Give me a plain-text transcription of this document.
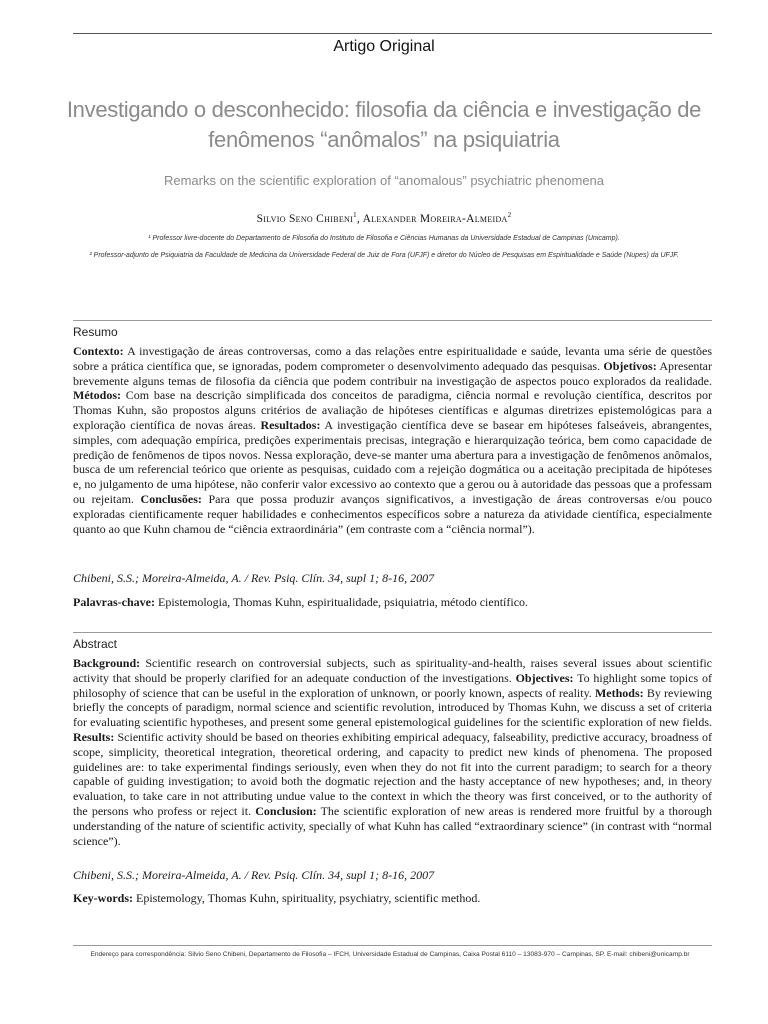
Artigo Original
Investigando o desconhecido: filosofia da ciência e investigação de
fenômenos “anômalos” na psiquiatria
Remarks on the scientific exploration of “anomalous” psychiatric phenomena
Silvio Seno Chibeni$^1$, Alexander Moreira-Almeida$^2$
¹ Professor livre-docente do Departamento de Filosofia do Instituto de Filosofia e Ciências Humanas da Universidade Estadual de Campinas (Unicamp).
² Professor-adjunto de Psiquiatria da Faculdade de Medicina da Universidade Federal de Juiz de Fora (UFJF) e diretor do Núcleo de Pesquisas em Espiritualidade e Saúde (Nupes) da UFJF.
Resumo

Contexto: A investigação de áreas controversas, como a das relações entre espiritualidade e saúde, levanta uma série de questões sobre a prática científica que, se ignoradas, podem comprometer o desenvolvimento adequado das pesquisas. Objetivos: Apresentar brevemente alguns temas de filosofia da ciência que podem contribuir na investigação de aspectos pouco explorados da realidade. Métodos: Com base na descrição simplificada dos conceitos de paradigma, ciência normal e revolução científica, descritos por Thomas Kuhn, são propostos alguns critérios de avaliação de hipóteses científicas e algumas diretrizes epistemológicas para a exploração científica de novas áreas. Resultados: A investigação científica deve se basear em hipóteses falseáveis, abrangentes, simples, com adequação empírica, predições experimentais precisas, integração e hierarquização teórica, bem como capacidade de predição de fenômenos de tipos novos. Nessa exploração, deve-se manter uma abertura para a investigação de fenômenos anômalos, busca de um referencial teórico que oriente as pesquisas, cuidado com a rejeição dogmática ou a aceitação precipitada de hipóteses e, no julgamento de uma hipótese, não conferir valor excessivo ao contexto que a gerou ou à autoridade das pessoas que a professam ou rejeitam. Conclusões: Para que possa produzir avanços significativos, a investigação de áreas controversas e/ou pouco exploradas cientificamente requer habilidades e conhecimentos específicos sobre a natureza da atividade científica, especialmente quanto ao que Kuhn chamou de “ciência extraordinária” (em contraste com a “ciência normal”).

Chibeni, S.S.; Moreira-Almeida, A. / Rev. Psiq. Clín. 34, supl 1; 8-16, 2007
Palavras-chave: Epistemologia, Thomas Kuhn, espiritualidade, psiquiatria, método científico.
Abstract

Background: Scientific research on controversial subjects, such as spirituality-and-health, raises several issues about scientific activity that should be properly clarified for an adequate conduction of the investigations. Objectives: To highlight some topics of philosophy of science that can be useful in the exploration of unknown, or poorly known, aspects of reality. Methods: By reviewing briefly the concepts of paradigm, normal science and scientific revolution, introduced by Thomas Kuhn, we discuss a set of criteria for evaluating scientific hypotheses, and present some general epistemological guidelines for the scientific exploration of new fields. Results: Scientific activity should be based on theories exhibiting empirical adequacy, falseability, predictive accuracy, broadness of scope, simplicity, theoretical integration, theoretical ordering, and capacity to predict new kinds of phenomena. The proposed guidelines are: to take experimental findings seriously, even when they do not fit into the current paradigm; to search for a theory capable of guiding investigation; to avoid both the dogmatic rejection and the hasty acceptance of new hypotheses; and, in theory evaluation, to take care in not attributing undue value to the context in which the theory was first conceived, or to the authority of the persons who profess or reject it. Conclusion: The scientific exploration of new areas is rendered more fruitful by a thorough understanding of the nature of scientific activity, specially of what Kuhn has called “extraordinary science” (in contrast with “normal science”).

Chibeni, S.S.; Moreira-Almeida, A. / Rev. Psiq. Clín. 34, supl 1; 8-16, 2007
Key-words: Epistemology, Thomas Kuhn, spirituality, psychiatry, scientific method.
Endereço para correspondência: Silvio Seno Chibeni, Departamento de Filosofia – IFCH, Universidade Estadual de Campinas, Caixa Postal 6110 – 13083-970 – Campinas, SP. E-mail: chibeni@unicamp.br
